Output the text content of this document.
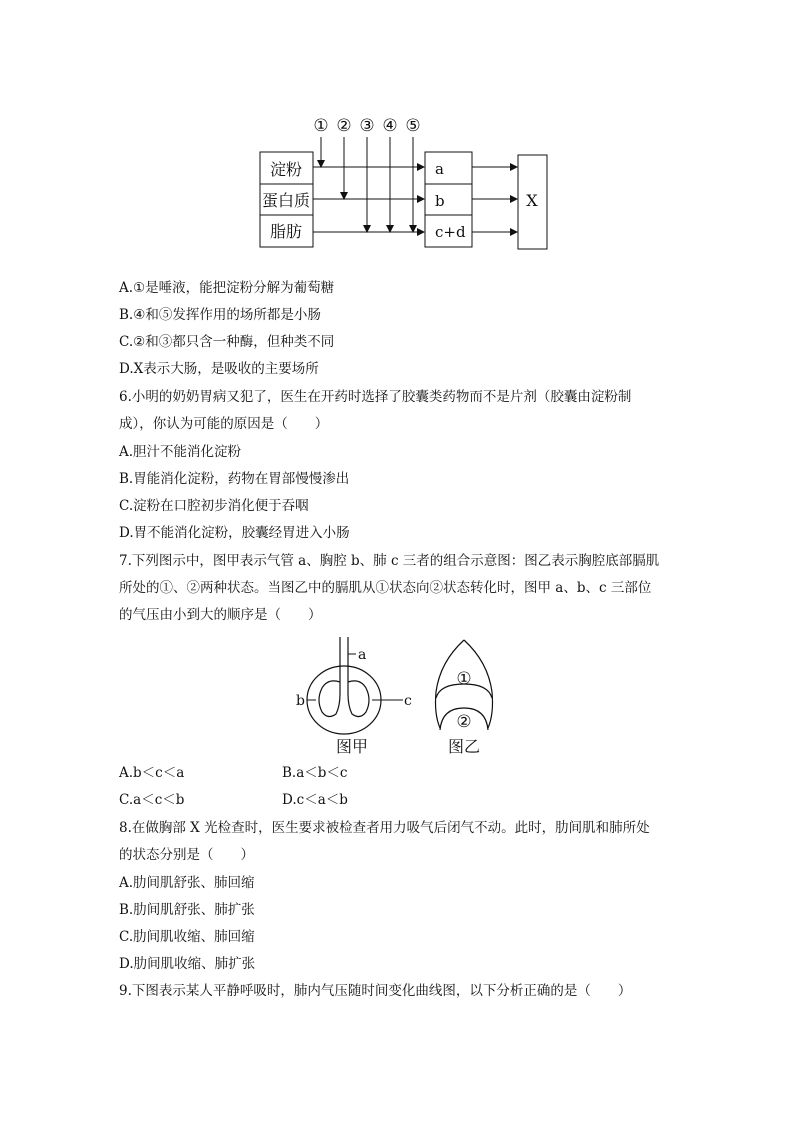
① ② ③ ④ ⑤
淀粉
蛋白质
脂肪
a
b
c+d
X
A.①是唾液，能把淀粉分解为葡萄糖
B.④和⑤发挥作用的场所都是小肠
C.②和③都只含一种酶，但种类不同
D.X表示大肠，是吸收的主要场所
6.小明的奶奶胃病又犯了，医生在开药时选择了胶囊类药物而不是片剂（胶囊由淀粉制
成），你认为可能的原因是（　　）
A.胆汁不能消化淀粉
B.胃能消化淀粉，药物在胃部慢慢渗出
C.淀粉在口腔初步消化便于吞咽
D.胃不能消化淀粉，胶囊经胃进入小肠
7.下列图示中，图甲表示气管 a、胸腔 b、肺 c 三者的组合示意图：图乙表示胸腔底部膈肌
所处的①、②两种状态。当图乙中的膈肌从①状态向②状态转化时，图甲 a、b、c 三部位
的气压由小到大的顺序是（　　）
a
b	c
图甲
①
②
图乙
A.b＜c＜a	B.a＜b＜c
C.a＜c＜b	D.c＜a＜b
8.在做胸部 X 光检查时，医生要求被检查者用力吸气后闭气不动。此时，肋间肌和肺所处
的状态分别是（　　）
A.肋间肌舒张、肺回缩
B.肋间肌舒张、肺扩张
C.肋间肌收缩、肺回缩
D.肋间肌收缩、肺扩张
9.下图表示某人平静呼吸时，肺内气压随时间变化曲线图，以下分析正确的是（　　）
